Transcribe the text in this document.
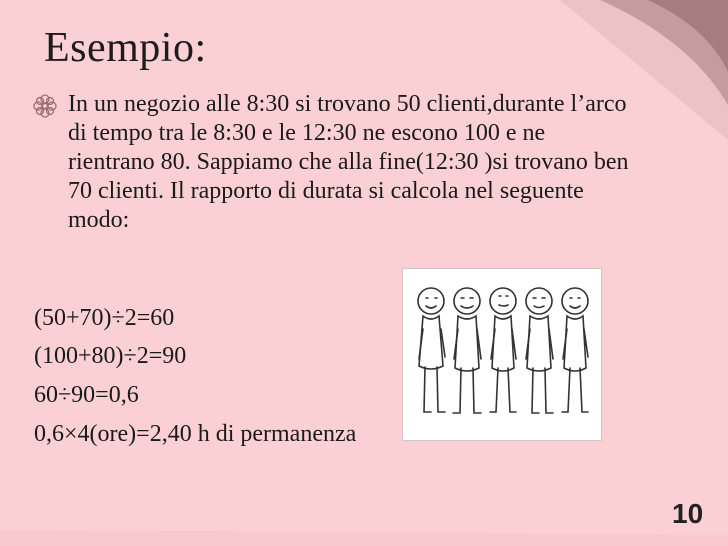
Esempio:
In un negozio alle 8:30 si trovano 50 clienti,durante l’arco di tempo tra le 8:30 e le 12:30 ne escono 100 e ne rientrano 80. Sappiamo che alla fine(12:30 )si trovano ben 70 clienti. Il rapporto di durata si calcola nel seguente modo:
(50+70)÷2=60
(100+80)÷2=90
60÷90=0,6
0,6×4(ore)=2,40 h di permanenza
10
